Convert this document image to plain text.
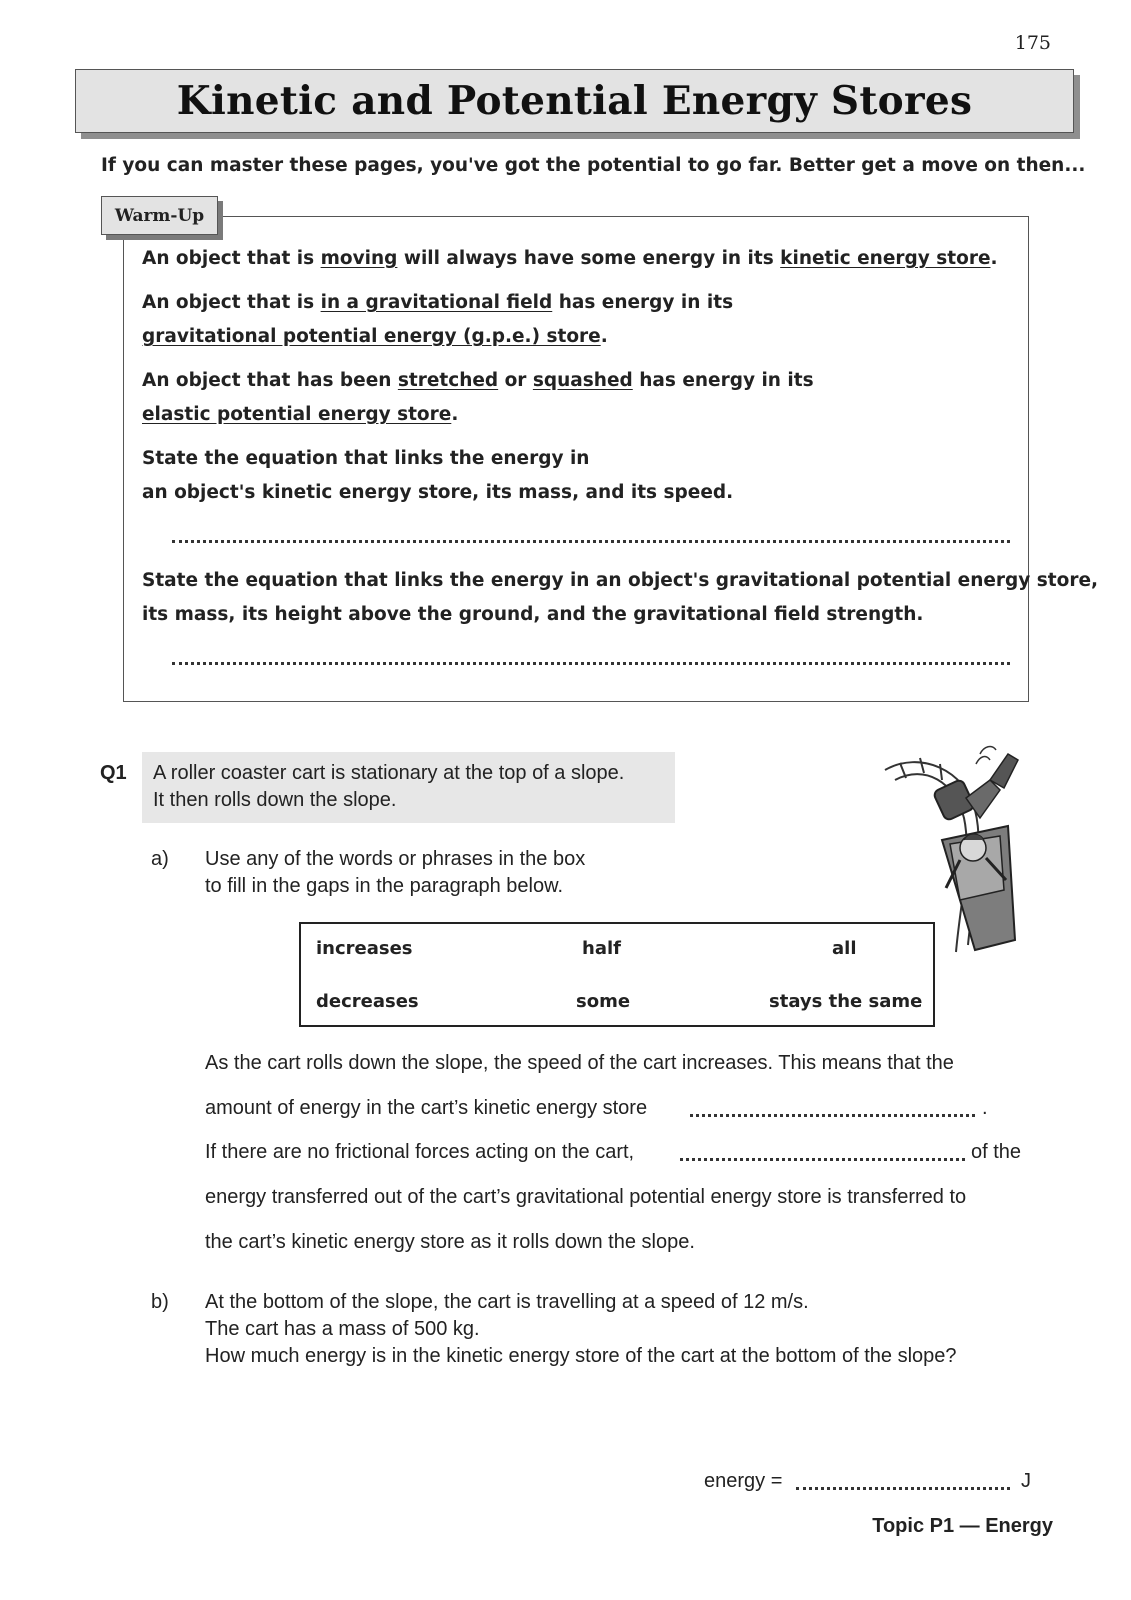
175
Kinetic and Potential Energy Stores
If you can master these pages, you've got the potential to go far. Better get a move on then...
Warm-Up
An object that is moving will always have some energy in its kinetic energy store.
An object that is in a gravitational field has energy in its
gravitational potential energy (g.p.e.) store.
An object that has been stretched or squashed has energy in its
elastic potential energy store.
State the equation that links the energy in
an object's kinetic energy store, its mass, and its speed.
State the equation that links the energy in an object's gravitational potential energy store,
its mass, its height above the ground, and the gravitational field strength.
Q1 A roller coaster cart is stationary at the top of a slope.
It then rolls down the slope.
a) Use any of the words or phrases in the box
to fill in the gaps in the paragraph below.
increases	half	all
decreases	some	stays the same
As the cart rolls down the slope, the speed of the cart increases. This means that the
amount of energy in the cart’s kinetic energy store	.
If there are no frictional forces acting on the cart,	of the
energy transferred out of the cart’s gravitational potential energy store is transferred to
the cart’s kinetic energy store as it rolls down the slope.
b) At the bottom of the slope, the cart is travelling at a speed of 12 m/s.
The cart has a mass of 500 kg.
How much energy is in the kinetic energy store of the cart at the bottom of the slope?
energy =	J
Topic P1 — Energy
